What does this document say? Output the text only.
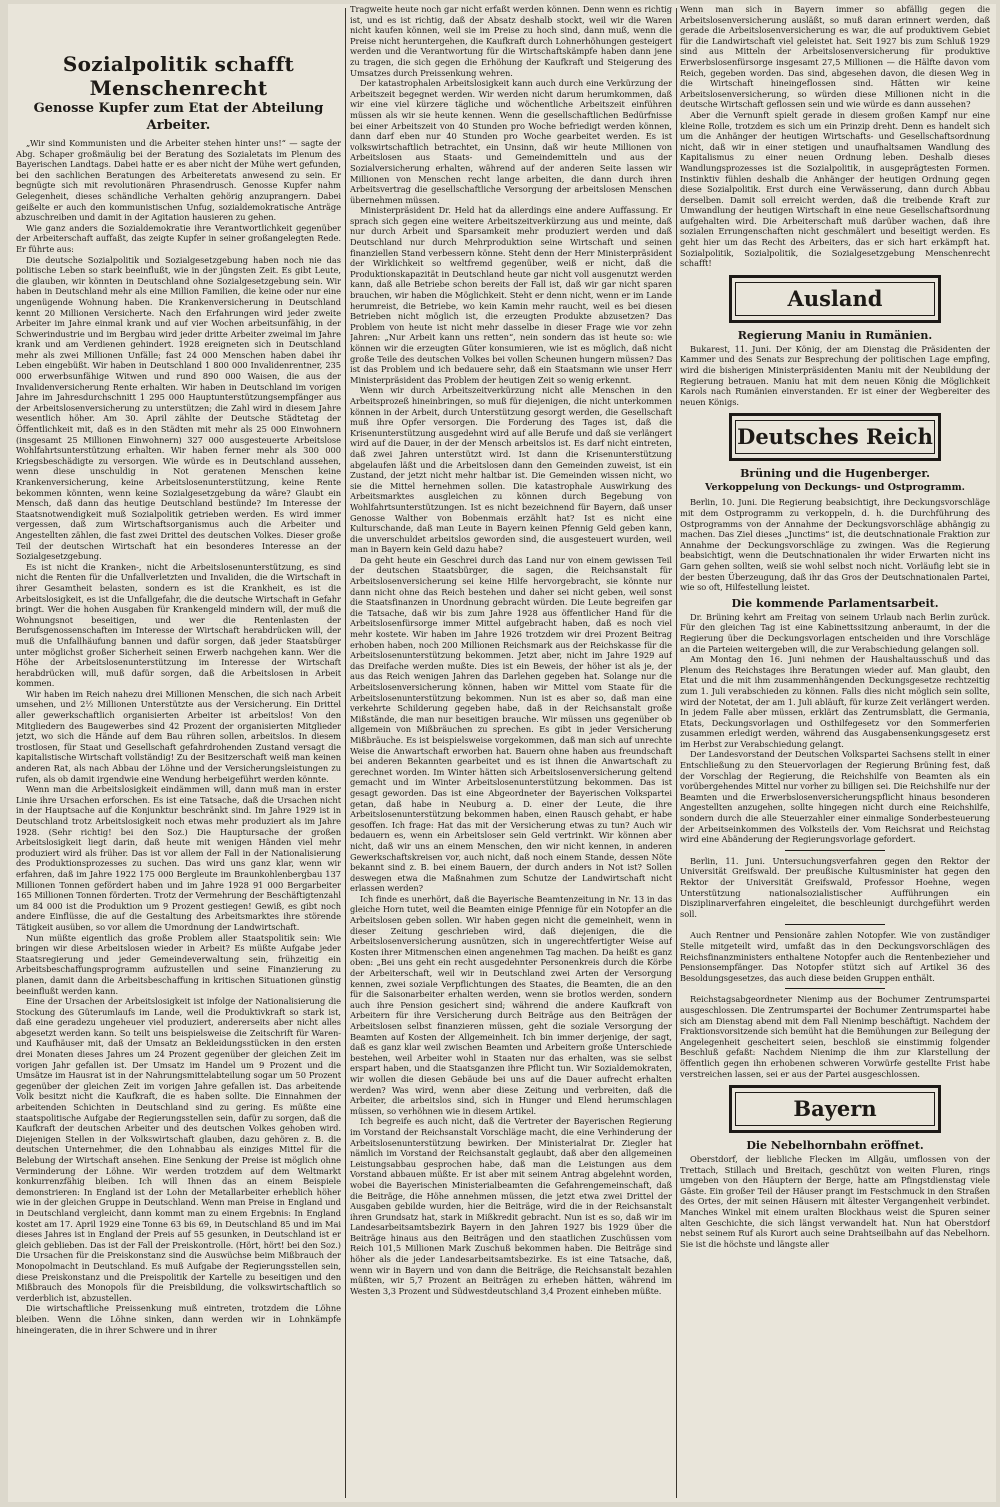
Sozialpolitik schafft Menschenrecht
Genosse Kupfer zum Etat der Abteilung Arbeiter.

„Wir sind Kommunisten und die Arbeiter stehen hinter uns!“ — sagte der Abg. Schaper großmäulig bei der Beratung des Sozialetats im Plenum des Bayerischen Landtags. Dabei hatte er es aber nicht der Mühe wert gefunden, bei den sachlichen Beratungen des Arbeiteretats anwesend zu sein. Er begnügte sich mit revolutionären Phrasendrusch. Genosse Kupfer nahm Gelegenheit, dieses schändliche Verhalten gehörig anzuprangern. Dabei geißelte er auch den kommunistischen Unfug, sozialdemokratische Anträge abzuschreiben und damit in der Agitation hausieren zu gehen.

Wie ganz anders die Sozialdemokratie ihre Verantwortlichkeit gegenüber der Arbeiterschaft auffaßt, das zeigte Kupfer in seiner großangelegten Rede. Er führte aus:

Die deutsche Sozialpolitik und Sozialgesetzgebung haben noch nie das politische Leben so stark beeinflußt, wie in der jüngsten Zeit. Es gibt Leute, die glauben, wir könnten in Deutschland ohne Sozialgesetzgebung sein. Wir haben in Deutschland mehr als eine Million Familien, die keine oder nur eine ungenügende Wohnung haben. Die Krankenversicherung in Deutschland kennt 20 Millionen Versicherte. Nach den Erfahrungen wird jeder zweite Arbeiter im Jahre einmal krank und auf vier Wochen arbeitsunfähig, in der Schwerindustrie und im Bergbau wird jeder dritte Arbeiter zweimal im Jahre krank und am Verdienen gehindert. 1928 ereigneten sich in Deutschland mehr als zwei Millionen Unfälle; fast 24 000 Menschen haben dabei ihr Leben eingebüßt. Wir haben in Deutschland 1 800 000 Invalidenrentner, 235 000 erwerbsunfähige Witwen und rund 890 000 Waisen, die aus der Invalidenversicherung Rente erhalten. Wir haben in Deutschland im vorigen Jahre im Jahresdurchschnitt 1 295 000 Hauptunterstützungsempfänger aus der Arbeitslosenversicherung zu unterstützen; die Zahl wird in diesem Jahre wesentlich höher. Am 30. April zählte der Deutsche Städtetag der Öffentlichkeit mit, daß es in den Städten mit mehr als 25 000 Einwohnern (insgesamt 25 Millionen Einwohnern) 327 000 ausgesteuerte Arbeitslose Wohlfahrtsunterstützung erhalten. Wir haben ferner mehr als 300 000 Kriegsbeschädigte zu versorgen. Wie würde es in Deutschland aussehen, wenn diese unschuldig in Not geratenen Menschen keine Krankenversicherung, keine Arbeitslosenunterstützung, keine Rente bekommen könnten, wenn keine Sozialgesetzgebung da wäre? Glaubt ein Mensch, daß dann das heutige Deutschland bestünde? Im Interesse der Staatsnotwendigkeit muß Sozialpolitik getrieben werden. Es wird immer vergessen, daß zum Wirtschaftsorganismus auch die Arbeiter und Angestellten zählen, die fast zwei Drittel des deutschen Volkes. Dieser große Teil der deutschen Wirtschaft hat ein besonderes Interesse an der Sozialgesetzgebung.

Es ist nicht die Kranken-, nicht die Arbeitslosenunterstützung, es sind nicht die Renten für die Unfallverletzten und Invaliden, die die Wirtschaft in ihrer Gesamtheit belasten, sondern es ist die Krankheit, es ist die Arbeitslosigkeit, es ist die Unfallgefahr, die die deutsche Wirtschaft in Gefahr bringt. Wer die hohen Ausgaben für Krankengeld mindern will, der muß die Wohnungsnot beseitigen, und wer die Rentenlasten der Berufsgenossenschaften im Interesse der Wirtschaft herabdrücken will, der muß die Unfallhäufung bannen und dafür sorgen, daß jeder Staatsbürger unter möglichst großer Sicherheit seinen Erwerb nachgehen kann. Wer die Höhe der Arbeitslosenunterstützung im Interesse der Wirtschaft herabdrücken will, muß dafür sorgen, daß die Arbeitslosen in Arbeit kommen.

Wir haben im Reich nahezu drei Millionen Menschen, die sich nach Arbeit umsehen, und 2½ Millionen Unterstützte aus der Versicherung. Ein Drittel aller gewerkschaftlich organisierten Arbeiter ist arbeitslos! Von den Mitgliedern des Baugewerbes sind 42 Prozent der organisierten Mitglieder jetzt, wo sich die Hände auf dem Bau rühren sollen, arbeitslos. In diesem trostlosen, für Staat und Gesellschaft gefahrdrohenden Zustand versagt die kapitalistische Wirtschaft vollständig! Zu der Besitzerschaft weiß man keinen anderen Rat, als nach Abbau der Löhne und der Versicherungsleistungen zu rufen, als ob damit irgendwie eine Wendung herbeigeführt werden könnte.

Wenn man die Arbeitslosigkeit eindämmen will, dann muß man in erster Linie ihre Ursachen erforschen. Es ist eine Tatsache, daß die Ursachen nicht in der Hauptsache auf die Konjunktur beschränkt sind. Im Jahre 1929 ist in Deutschland trotz Arbeitslosigkeit noch etwas mehr produziert als im Jahre 1928. (Sehr richtig! bei den Soz.) Die Hauptursache der großen Arbeitslosigkeit liegt darin, daß heute mit wenigen Händen viel mehr produziert wird als früher. Das ist vor allem der Fall in der Nationalisierung des Produktionsprozesses zu suchen. Das wird uns ganz klar, wenn wir erfahren, daß im Jahre 1922 175 000 Bergleute im Braunkohlenbergbau 137 Millionen Tonnen gefördert haben und im Jahre 1928 91 000 Bergarbeiter 165 Millionen Tonnen förderten. Trotz der Vermehrung der Beschäftigtenzahl um 84 000 ist die Produktion um 9 Prozent gestiegen! Gewiß, es gibt noch andere Einflüsse, die auf die Gestaltung des Arbeitsmarktes ihre störende Tätigkeit ausüben, so vor allem die Umordnung der Landwirtschaft.

Nun müßte eigentlich das große Problem aller Staatspolitik sein: Wie bringen wir diese Arbeitslosen wieder in Arbeit? Es müßte Aufgabe jeder Staatsregierung und jeder Gemeindeverwaltung sein, frühzeitig ein Arbeitsbeschaffungsprogramm aufzustellen und seine Finanzierung zu planen, damit dann die Arbeitsbeschaffung in kritischen Situationen günstig beeinflußt werden kann.

Eine der Ursachen der Arbeitslosigkeit ist infolge der Nationalisierung die Stockung des Güterumlaufs im Lande, weil die Produktivkraft so stark ist, daß eine geradezu ungeheuer viel produziert, andererseits aber nicht alles abgesetzt werden kann. So teilt uns beispielsweise die Zeitschrift für Waren- und Kaufhäuser mit, daß der Umsatz an Bekleidungsstücken in den ersten drei Monaten dieses Jahres um 24 Prozent gegenüber der gleichen Zeit im vorigen Jahr gefallen ist. Der Umsatz im Handel um 9 Prozent und die Umsätze im Hausrat ist in der Nahrungsmittelabteilung sogar um 50 Prozent gegenüber der gleichen Zeit im vorigen Jahre gefallen ist. Das arbeitende Volk besitzt nicht die Kaufkraft, die es haben sollte. Die Einnahmen der arbeitenden Schichten in Deutschland sind zu gering. Es müßte eine staatspolitische Aufgabe der Regierungsstellen sein, dafür zu sorgen, daß die Kaufkraft der deutschen Arbeiter und des deutschen Volkes gehoben wird. Diejenigen Stellen in der Volkswirtschaft glauben, dazu gehören z. B. die deutschen Unternehmer, die den Lohnabbau als einziges Mittel für die Belebung der Wirtschaft ansehen. Eine Senkung der Preise ist möglich ohne Verminderung der Löhne. Wir werden trotzdem auf dem Weltmarkt konkurrenzfähig bleiben. Ich will Ihnen das an einem Beispiele demonstrieren: In England ist der Lohn der Metallarbeiter erheblich höher wie in der gleichen Gruppe in Deutschland. Wenn man Preise in England und in Deutschland vergleicht, dann kommt man zu einem Ergebnis: In England kostet am 17. April 1929 eine Tonne 63 bis 69, in Deutschland 85 und im Mai dieses Jahres ist in England der Preis auf 55 gesunken, in Deutschland ist er gleich geblieben. Das ist der Fall der Preiskontrolle. (Hört, hört! bei den Soz.) Die Ursachen für die Preiskonstanz sind die Auswüchse beim Mißbrauch der Monopolmacht in Deutschland. Es muß Aufgabe der Regierungsstellen sein, diese Preiskonstanz und die Preispolitik der Kartelle zu beseitigen und den Mißbrauch des Monopols für die Preisbildung, die volkswirtschaftlich so verderblich ist, abzustellen.

Die wirtschaftliche Preissenkung muß eintreten, trotzdem die Löhne bleiben. Wenn die Löhne sinken, dann werden wir in Lohnkämpfe hineingeraten, die in ihrer Schwere und in ihrer

Tragweite heute noch gar nicht erfaßt werden können. Denn wenn es richtig ist, und es ist richtig, daß der Absatz deshalb stockt, weil wir die Waren nicht kaufen können, weil sie im Preise zu hoch sind, dann muß, wenn die Preise nicht heruntergehen, die Kaufkraft durch Lohnerhöhungen gesteigert werden und die Verantwortung für die Wirtschaftskämpfe haben dann jene zu tragen, die sich gegen die Erhöhung der Kaufkraft und Steigerung des Umsatzes durch Preissenkung wehren.

Der katastrophalen Arbeitslosigkeit kann auch durch eine Verkürzung der Arbeitszeit begegnet werden. Wir werden nicht darum herumkommen, daß wir eine viel kürzere tägliche und wöchentliche Arbeitszeit einführen müssen als wir sie heute kennen. Wenn die gesellschaftlichen Bedürfnisse bei einer Arbeitszeit von 40 Stunden pro Woche befriedigt werden können, dann darf eben nur 40 Stunden pro Woche gearbeitet werden. Es ist volkswirtschaftlich betrachtet, ein Unsinn, daß wir heute Millionen von Arbeitslosen aus Staats- und Gemeindemitteln und aus der Sozialversicherung erhalten, während auf der anderen Seite lassen wir Millionen von Menschen recht lange arbeiten, die dann durch ihren Arbeitsvertrag die gesellschaftliche Versorgung der arbeitslosen Menschen übernehmen müssen.

Ministerpräsident Dr. Held hat da allerdings eine andere Auffassung. Er sprach sich gegen eine weitere Arbeitszeitverkürzung aus und meinte, daß nur durch Arbeit und Sparsamkeit mehr produziert werden und daß Deutschland nur durch Mehrproduktion seine Wirtschaft und seinen finanziellen Stand verbessern könne. Steht denn der Herr Ministerpräsident der Wirklichkeit so weltfremd gegenüber, weiß er nicht, daß die Produktionskapazität in Deutschland heute gar nicht voll ausgenutzt werden kann, daß alle Betriebe schon bereits der Fall ist, daß wir gar nicht sparen brauchen, wir haben die Möglichkeit. Steht er denn nicht, wenn er im Lande herumreist, die Betriebe, wo kein Kamin mehr raucht, weil es bei diesen Betrieben nicht möglich ist, die erzeugten Produkte abzusetzen? Das Problem von heute ist nicht mehr dasselbe in dieser Frage wie vor zehn Jahren: „Nur Arbeit kann uns retten“, nein sondern das ist heute so: wie können wir die erzeugten Güter konsumieren, wie ist es möglich, daß nicht große Teile des deutschen Volkes bei vollen Scheunen hungern müssen? Das ist das Problem und ich bedauere sehr, daß ein Staatsmann wie unser Herr Ministerpräsident das Problem der heutigen Zeit so wenig erkennt.

Wenn wir durch Arbeitszeitverkürzung nicht alle Menschen in den Arbeitsprozeß hineinbringen, so muß für diejenigen, die nicht unterkommen können in der Arbeit, durch Unterstützung gesorgt werden, die Gesellschaft muß ihre Opfer versorgen. Die Forderung des Tages ist, daß die Krisenunterstützung ausgedehnt wird auf alle Berufe und daß sie verlängert wird auf die Dauer, in der der Mensch arbeitslos ist. Es darf nicht eintreten, daß zwei Jahren unterstützt wird. Ist dann die Krisenunterstützung abgelaufen läßt und die Arbeitslosen dann den Gemeinden zuweist, ist ein Zustand, der jetzt nicht mehr haltbar ist. Die Gemeinden wissen nicht, wo sie die Mittel hernehmen sollen. Die katastrophale Auswirkung des Arbeitsmarktes ausgleichen zu können durch Begebung von Wohlfahrtsunterstützungen. Ist es nicht bezeichnend für Bayern, daß unser Genosse Walther von Bobenmais erzählt hat? Ist es nicht eine Kulturschande, daß man Leute in Bayern keinen Pfennig Geld geben kann, die unverschuldet arbeitslos geworden sind, die ausgesteuert wurden, weil man in Bayern kein Geld dazu habe?

Da geht heute ein Geschrei durch das Land nur von einem gewissen Teil der deutschen Staatsbürger, die sagen, die Reichsanstalt für Arbeitslosenversicherung sei keine Hilfe hervorgebracht, sie könnte nur dann nicht ohne das Reich bestehen und daher sei nicht geben, weil sonst die Staatsfinanzen in Unordnung gebracht würden. Die Leute begreifen gar die Tatsache, daß wir bis zum Jahre 1928 aus öffentlicher Hand für die Arbeitslosenfürsorge immer Mittel aufgebracht haben, daß es noch viel mehr kostete. Wir haben im Jahre 1926 trotzdem wir drei Prozent Beitrag erhoben haben, noch 200 Millionen Reichsmark aus der Reichskasse für die Arbeitslosenunterstützung bekommen. Jetzt aber, nicht im Jahre 1929 auf das Dreifache werden mußte. Dies ist ein Beweis, der höher ist als je, der aus das Reich wenigen Jahren das Darlehen gegeben hat. Solange nur die Arbeitslosenversicherung können, haben wir Mittel vom Staate für die Arbeitslosenunterstützung bekommen. Nun ist es aber so, daß man eine verkehrte Schilderung gegeben habe, daß in der Reichsanstalt große Mißstände, die man nur beseitigen brauche. Wir müssen uns gegenüber ob allgemein von Mißbräuchen zu sprechen. Es gibt in jeder Versicherung Mißbräuche. Es ist beispielsweise vorgekommen, daß man sich auf unrechte Weise die Anwartschaft erworben hat. Bauern ohne haben aus freundschaft bei anderen Bekannten gearbeitet und es ist ihnen die Anwartschaft zu gerechnet worden. Im Winter hätten sich Arbeitslosenversicherung geltend gemacht und im Winter Arbeitslosenunterstützung bekommen. Das ist gesagt geworden. Das ist eine Abgeordneter der Bayerischen Volkspartei getan, daß habe in Neuburg a. D. einer der Leute, die ihre Arbeitslosenunterstützung bekommen haben, einen Rausch gehabt, er habe gesoffen. Ich frage: Hat das mit der Versicherung etwas zu tun? Auch wir bedauern es, wenn ein Arbeitsloser sein Geld vertrinkt. Wir können aber nicht, daß wir uns an einem Menschen, den wir nicht kennen, in anderen Gewerkschaftskreisen vor, auch nicht, daß noch einem Stande, dessen Nöte bekannt sind z. B. bei einem Bauern, der durch anders in Not ist? Sollen deswegen etwa die Maßnahmen zum Schutze der Landwirtschaft nicht erlassen werden?

Ich finde es unerhört, daß die Bayerische Beamtenzeitung in Nr. 13 in das gleiche Horn tutet, weil die Beamten einige Pfennige für ein Notopfer an die Arbeitslosen geben sollen. Wir haben gegen nicht die gemeinheit, wenn in dieser Zeitung geschrieben wird, daß diejenigen, die die Arbeitslosenversicherung ausnützen, sich in ungerechtfertigter Weise auf Kosten ihrer Mitmenschen einen angenehmen Tag machen. Da heißt es ganz oben: „Bei uns geht ein recht ausgedehnter Personenkreis durch die Körbe der Arbeiterschaft, weil wir in Deutschland zwei Arten der Versorgung kennen, zwei soziale Verpflichtungen des Staates, die Beamten, die an den für die Saisonarbeiter erhalten werden, wenn sie brotlos werden, sondern auch ihre Pension gesichert sind; während die andere Kaufkraft von Arbeitern für ihre Versicherung durch Beiträge aus den Beiträgen der Arbeitslosen selbst finanzieren müssen, geht die soziale Versorgung der Beamten auf Kosten der Allgemeinheit. Ich bin immer derjenige, der sagt, daß es ganz klar weil zwischen Beamten und Arbeitern große Unterschiede bestehen, weil Arbeiter wohl in Staaten nur das erhalten, was sie selbst erspart haben, und die Staatsganzen ihre Pflicht tun. Wir Sozialdemokraten, wir wollen die diesen Gebäude bei uns auf die Dauer aufrecht erhalten werden? Was wird, wenn aber diese Zeitung und verbreiten, daß die Arbeiter, die arbeitslos sind, sich in Hunger und Elend herumschlagen müssen, so verhöhnen wie in diesem Artikel.

Ich begreife es auch nicht, daß die Vertreter der Bayerischen Regierung im Vorstand der Reichsanstalt Vorschläge macht, die eine Verhinderung der Arbeitslosenunterstützung bewirken. Der Ministerialrat Dr. Ziegler hat nämlich im Vorstand der Reichsanstalt geglaubt, daß aber den allgemeinen Leistungsabbau gesprochen habe, daß man die Leistungen aus dem Vorstand abbauen müßte. Er ist aber mit seinem Antrag abgelehnt worden, wobei die Bayerischen Ministerialbeamten die Gefahrengemeinschaft, daß die Beiträge, die Höhe annehmen müssen, die jetzt etwa zwei Drittel der Ausgaben gebilde wurden, hier die Beiträge, wird die in der Reichsanstalt ihren Grundsatz hat, stark in Mißkredit gebracht. Nun ist es so, daß wir im Landesarbeitsamtsbezirk Bayern in den Jahren 1927 bis 1929 über die Beiträge hinaus aus den Beiträgen und den staatlichen Zuschüssen vom Reich 101,5 Millionen Mark Zuschuß bekommen haben. Die Beiträge sind höher als die jeder Landesarbeitsamtsbezirke. Es ist eine Tatsache, daß, wenn wir in Bayern und von dann die Beiträge, die Reichsanstalt bezahlen müßten, wir 5,7 Prozent an Beiträgen zu erheben hätten, während im Westen 3,3 Prozent und Südwestdeutschland 3,4 Prozent einheben müßte.

Wenn man sich in Bayern immer so abfällig gegen die Arbeitslosenversicherung ausläßt, so muß daran erinnert werden, daß gerade die Arbeitslosenversicherung es war, die auf produktivem Gebiet für die Landwirtschaft viel geleistet hat. Seit 1927 bis zum Schluß 1929 sind aus Mitteln der Arbeitslosenversicherung für produktive Erwerbslosenfürsorge insgesamt 27,5 Millionen — die Hälfte davon vom Reich, gegeben worden. Das sind, abgesehen davon, die diesen Weg in die Wirtschaft hineingeflossen sind. Hätten wir keine Arbeitslosenversicherung, so würden diese Millionen nicht in die deutsche Wirtschaft geflossen sein und wie würde es dann aussehen?

Aber die Vernunft spielt gerade in diesem großen Kampf nur eine kleine Rolle, trotzdem es sich um ein Prinzip dreht. Denn es handelt sich um die Anhänger der heutigen Wirtschafts- und Gesellschaftsordnung nicht, daß wir in einer stetigen und unaufhaltsamen Wandlung des Kapitalismus zu einer neuen Ordnung leben. Deshalb dieses Wandlungsprozesses ist die Sozialpolitik, in ausgeprägtesten Formen. Instinktiv fühlen deshalb die Anhänger der heutigen Ordnung gegen diese Sozialpolitik. Erst durch eine Verwässerung, dann durch Abbau derselben. Damit soll erreicht werden, daß die treibende Kraft zur Umwandlung der heutigen Wirtschaft in eine neue Gesellschaftsordnung aufgehalten wird. Die Arbeiterschaft muß darüber wachen, daß ihre sozialen Errungenschaften nicht geschmälert und beseitigt werden. Es geht hier um das Recht des Arbeiters, das er sich hart erkämpft hat. Sozialpolitik, Sozialpolitik, die Sozialgesetzgebung Menschenrecht schafft!

Ausland
Regierung Maniu in Rumänien.

Bukarest, 11. Juni. Der König, der am Dienstag die Präsidenten der Kammer und des Senats zur Besprechung der politischen Lage empfing, wird die bisherigen Ministerpräsidenten Maniu mit der Neubildung der Regierung betrauen. Maniu hat mit dem neuen König die Möglichkeit Karols nach Rumänien einverstanden. Er ist einer der Wegbereiter des neuen Königs.

Deutsches Reich
Brüning und die Hugenberger.
Verkoppelung von Deckungs- und Ostprogramm.

Berlin, 10. Juni. Die Regierung beabsichtigt, ihre Deckungsvorschläge mit dem Ostprogramm zu verkoppeln, d. h. die Durchführung des Ostprogramms von der Annahme der Deckungsvorschläge abhängig zu machen. Das Ziel dieses „Junctims“ ist, die deutschnationale Fraktion zur Annahme der Deckungsvorschläge zu zwingen. Was die Regierung beabsichtigt, wenn die Deutschnationalen ihr wider Erwarten nicht ins Garn gehen sollten, weiß sie wohl selbst noch nicht. Vorläufig lebt sie in der besten Überzeugung, daß ihr das Gros der Deutschnationalen Partei, wie so oft, Hilfestellung leistet.

Die kommende Parlamentsarbeit.

Dr. Brüning kehrt am Freitag von seinem Urlaub nach Berlin zurück. Für den gleichen Tag ist eine Kabinettssitzung anberaumt, in der die Regierung über die Deckungsvorlagen entscheiden und ihre Vorschläge an die Parteien weitergeben will, die zur Verabschiedung gelangen soll.

Am Montag den 16. Juni nehmen der Haushaltausschuß und das Plenum des Reichstages ihre Beratungen wieder auf. Man glaubt, den Etat und die mit ihm zusammenhängenden Deckungsgesetze rechtzeitig zum 1. Juli verabschieden zu können. Falls dies nicht möglich sein sollte, wird der Notetat, der am 1. Juli abläuft, für kurze Zeit verlängert werden. In jedem Falle aber müssen, erklärt das Zentrumsblatt, die Germania, Etats, Deckungsvorlagen und Osthilfegesetz vor den Sommerferien zusammen erledigt werden, während das Ausgabensenkungsgesetz erst im Herbst zur Verabschiedung gelangt.

Der Landesvorstand der Deutschen Volkspartei Sachsens stellt in einer Entschließung zu den Steuervorlagen der Regierung Brüning fest, daß der Vorschlag der Regierung, die Reichshilfe von Beamten als ein vorübergehendes Mittel nur vorher zu billigen sei. Die Reichshilfe nur der Beamten und die Erwerbslosenversicherungspflicht hinaus besonderen Angestellten anzugehen, sollte hingegen nicht durch eine Reichshilfe, sondern durch die alle Steuerzahler einer einmalige Sonderbesteuerung der Arbeitseinkommen des Volksteils der. Vom Reichsrat und Reichstag wird eine Abänderung der Regierungsvorlage gefordert.

Berlin, 11. Juni. Untersuchungsverfahren gegen den Rektor der Universität Greifswald. Der preußische Kultusminister hat gegen den Rektor der Universität Greifswald, Professor Hoehne, wegen Unterstützung nationalsozialistischer Aufführungen ein Disziplinarverfahren eingeleitet, die beschleunigt durchgeführt werden soll.

Auch Rentner und Pensionäre zahlen Notopfer. Wie von zuständiger Stelle mitgeteilt wird, umfaßt das in den Deckungsvorschlägen des Reichsfinanzministers enthaltene Notopfer auch die Rentenbezieher und Pensionsempfänger. Das Notopfer stützt sich auf Artikel 36 des Besoldungsgesetzes, das auch diese beiden Gruppen enthält.

Reichstagsabgeordneter Nienimp aus der Bochumer Zentrumspartei ausgeschlossen. Die Zentrumspartei der Bochumer Zentrumspartei habe sich am Dienstag abend mit dem Fall Nienimp beschäftigt. Nachdem der Fraktionsvorsitzende sich bemüht hat die Bemühungen zur Beilegung der Angelegenheit gescheitert seien, beschloß sie einstimmig folgender Beschluß gefaßt: Nachdem Nienimp die ihm zur Klarstellung der öffentlich gegen ihn erhobenen schweren Vorwürfe gestellte Frist habe verstreichen lassen, sei er aus der Partei ausgeschlossen.

Bayern
Die Nebelhornbahn eröffnet.

Oberstdorf, der liebliche Flecken im Allgäu, umflossen von der Trettach, Stillach und Breitach, geschützt von weiten Fluren, rings umgeben von den Häuptern der Berge, hatte am Pfingstdienstag viele Gäste. Ein großer Teil der Häuser prangt im Festschmuck in den Straßen des Ortes, der mit seinen Häusern mit ältester Vergangenheit verbindet. Manches Winkel mit einem uralten Blockhaus weist die Spuren seiner alten Geschichte, die sich längst verwandelt hat. Nun hat Oberstdorf nebst seinem Ruf als Kurort auch seine Drahtseilbahn auf das Nebelhorn. Sie ist die höchste und längste aller
